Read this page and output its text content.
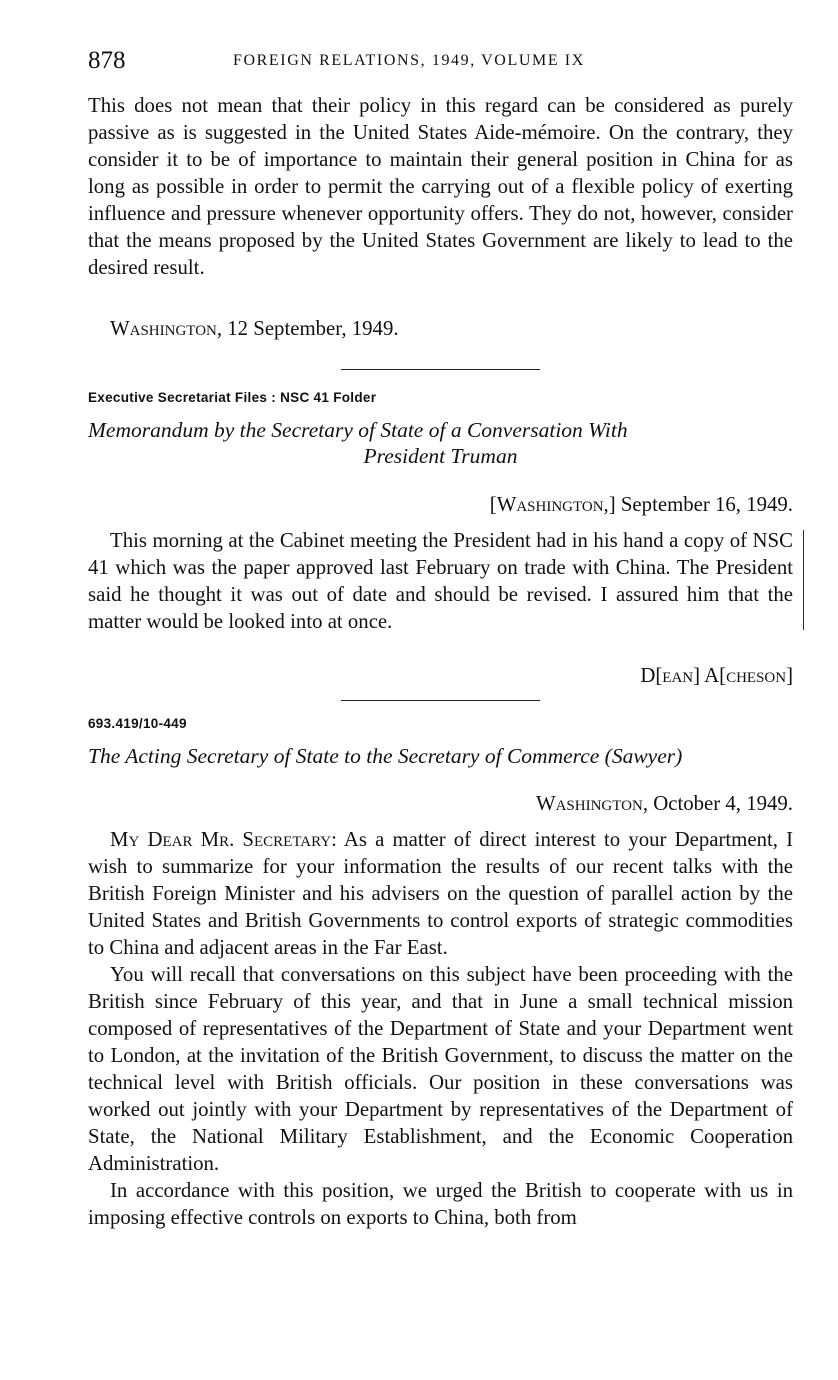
878	FOREIGN RELATIONS, 1949, VOLUME IX

This does not mean that their policy in this regard can be considered as purely passive as is suggested in the United States Aide-mémoire. On the contrary, they consider it to be of importance to maintain their general position in China for as long as possible in order to permit the carrying out of a flexible policy of exerting influence and pressure whenever opportunity offers. They do not, however, consider that the means proposed by the United States Government are likely to lead to the desired result.

Washington, 12 September, 1949.
Executive Secretariat Files : NSC 41 Folder
Memorandum by the Secretary of State of a Conversation With
President Truman
[Washington,] September 16, 1949.

This morning at the Cabinet meeting the President had in his hand a copy of NSC 41 which was the paper approved last February on trade with China. The President said he thought it was out of date and should be revised. I assured him that the matter would be looked into at once.

D[ean] A[cheson]
693.419/10-449
The Acting Secretary of State to the Secretary of Commerce (Sawyer)
Washington, October 4, 1949.

My Dear Mr. Secretary: As a matter of direct interest to your Department, I wish to summarize for your information the results of our recent talks with the British Foreign Minister and his advisers on the question of parallel action by the United States and British Governments to control exports of strategic commodities to China and adjacent areas in the Far East.

You will recall that conversations on this subject have been proceeding with the British since February of this year, and that in June a small technical mission composed of representatives of the Department of State and your Department went to London, at the invitation of the British Government, to discuss the matter on the technical level with British officials. Our position in these conversations was worked out jointly with your Department by representatives of the Department of State, the National Military Establishment, and the Economic Cooperation Administration.

In accordance with this position, we urged the British to cooperate with us in imposing effective controls on exports to China, both from
